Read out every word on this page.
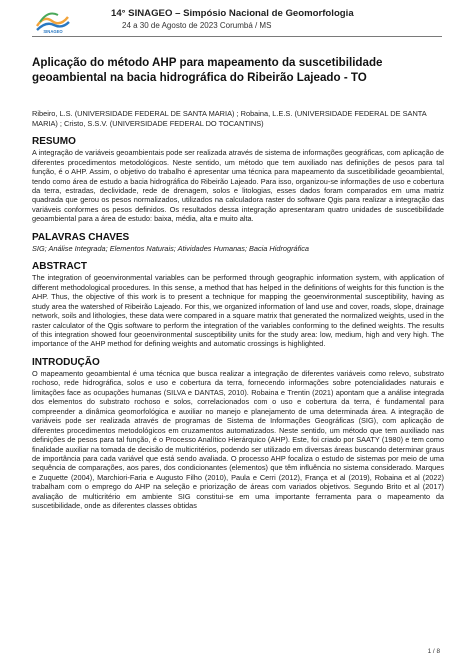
SINAGEO
14° SINAGEO – Simpósio Nacional de Geomorfologia
24 a 30 de Agosto de 2023 Corumbá / MS
Aplicação do método AHP para mapeamento da suscetibilidade geoambiental na bacia hidrográfica do Ribeirão Lajeado - TO

Ribeiro, L.S. (UNIVERSIDADE FEDERAL DE SANTA MARIA) ; Robaina, L.E.S. (UNIVERSIDADE FEDERAL DE SANTA MARIA) ; Cristo, S.S.V. (UNIVERSIDADE FEDERAL DO TOCANTINS)

RESUMO

A integração de variáveis geoambientais pode ser realizada através de sistema de informações geográficas, com aplicação de diferentes procedimentos metodológicos. Neste sentido, um método que tem auxiliado nas definições de pesos para tal função, é o AHP. Assim, o objetivo do trabalho é apresentar uma técnica para mapeamento da suscetibilidade geoambiental, tendo como área de estudo a bacia hidrográfica do Ribeirão Lajeado. Para isso, organizou-se informações de uso e cobertura da terra, estradas, declividade, rede de drenagem, solos e litologias, esses dados foram comparados em uma matriz quadrada que gerou os pesos normalizados, utilizados na calculadora raster do software Qgis para realizar a integração das variáveis conformes os pesos definidos. Os resultados dessa integração apresentaram quatro unidades de suscetibilidade geoambiental para a área de estudo: baixa, média, alta e muito alta.

PALAVRAS CHAVES

SIG; Análise Integrada; Elementos Naturais; Atividades Humanas; Bacia Hidrográfica

ABSTRACT

The integration of geoenvironmental variables can be performed through geographic information system, with application of different methodological procedures. In this sense, a method that has helped in the definitions of weights for this function is the AHP. Thus, the objective of this work is to present a technique for mapping the geoenvironmental susceptibility, having as study area the watershed of Ribeirão Lajeado. For this, we organized information of land use and cover, roads, slope, drainage network, soils and lithologies, these data were compared in a square matrix that generated the normalized weights, used in the raster calculator of the Qgis software to perform the integration of the variables conforming to the defined weights. The results of this integration showed four geoenvironmental susceptibility units for the study area: low, medium, high and very high. The importance of the AHP method for defining weights and automatic crossings is highlighted.

INTRODUÇÃO

O mapeamento geoambiental é uma técnica que busca realizar a integração de diferentes variáveis como relevo, substrato rochoso, rede hidrográfica, solos e uso e cobertura da terra, fornecendo informações sobre potencialidades naturais e limitações face as ocupações humanas (SILVA e DANTAS, 2010). Robaina e Trentin (2021) apontam que a análise integrada dos elementos do substrato rochoso e solos, correlacionados com o uso e cobertura da terra, é fundamental para compreender a dinâmica geomorfológica e auxiliar no manejo e planejamento de uma determinada área. A integração de variáveis pode ser realizada através de programas de Sistema de Informações Geográficas (SIG), com aplicação de diferentes procedimentos metodológicos em cruzamentos automatizados. Neste sentido, um método que tem auxiliado nas definições de pesos para tal função, é o Processo Analítico Hierárquico (AHP). Este, foi criado por SAATY (1980) e tem como finalidade auxiliar na tomada de decisão de multicritérios, podendo ser utilizado em diversas áreas buscando determinar graus de importância para cada variável que está sendo avaliada. O processo AHP focaliza o estudo de sistemas por meio de uma sequência de comparações, aos pares, dos condicionantes (elementos) que têm influência no sistema considerado. Marques e Zuquette (2004), Marchiori-Faria e Augusto Filho (2010), Paula e Cerri (2012), França et al (2019), Robaina et al (2022) trabalham com o emprego do AHP na seleção e priorização de áreas com variados objetivos. Segundo Brito et al (2017) avaliação de multicritério em ambiente SIG constitui-se em uma importante ferramenta para o mapeamento da suscetibilidade, onde as diferentes classes obtidas

1 / 8
